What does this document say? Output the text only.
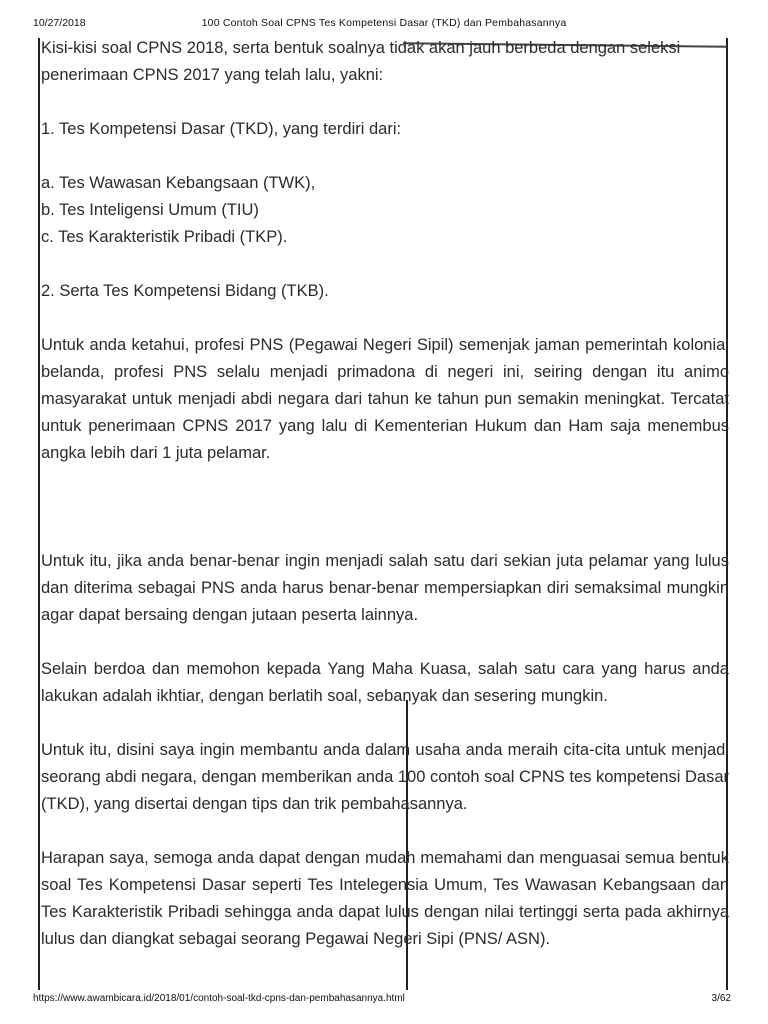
10/27/2018	100 Contoh Soal CPNS Tes Kompetensi Dasar (TKD) dan Pembahasannya

Kisi-kisi soal CPNS 2018, serta bentuk soalnya tidak akan jauh berbeda dengan seleksi

penerimaan CPNS 2017 yang telah lalu, yakni:

1. Tes Kompetensi Dasar (TKD), yang terdiri dari:

a. Tes Wawasan Kebangsaan (TWK),

b. Tes Inteligensi Umum (TIU)

c. Tes Karakteristik Pribadi (TKP).

2. Serta Tes Kompetensi Bidang (TKB).

Untuk anda ketahui, profesi PNS (Pegawai Negeri Sipil) semenjak jaman pemerintah kolonial belanda, profesi PNS selalu menjadi primadona di negeri ini, seiring dengan itu animo masyarakat untuk menjadi abdi negara dari tahun ke tahun pun semakin meningkat. Tercatat untuk penerimaan CPNS 2017 yang lalu di Kementerian Hukum dan Ham saja menembus angka lebih dari 1 juta pelamar.

Untuk itu, jika anda benar-benar ingin menjadi salah satu dari sekian juta pelamar yang lulus dan diterima sebagai PNS anda harus benar-benar mempersiapkan diri semaksimal mungkin agar dapat bersaing dengan jutaan peserta lainnya.

Selain berdoa dan memohon kepada Yang Maha Kuasa, salah satu cara yang harus anda lakukan adalah ikhtiar, dengan berlatih soal, sebanyak dan sesering mungkin.

Untuk itu, disini saya ingin membantu anda dalam usaha anda meraih cita-cita untuk menjadi seorang abdi negara, dengan memberikan anda 100 contoh soal CPNS tes kompetensi Dasar (TKD), yang disertai dengan tips dan trik pembahasannya.

Harapan saya, semoga anda dapat dengan mudah memahami dan menguasai semua bentuk soal Tes Kompetensi Dasar seperti Tes Intelegensia Umum, Tes Wawasan Kebangsaan dan Tes Karakteristik Pribadi sehingga anda dapat lulus dengan nilai tertinggi serta pada akhirnya lulus dan diangkat sebagai seorang Pegawai Negeri Sipi (PNS/ ASN).

https://www.awambicara.id/2018/01/contoh-soal-tkd-cpns-dan-pembahasannya.html	3/62
